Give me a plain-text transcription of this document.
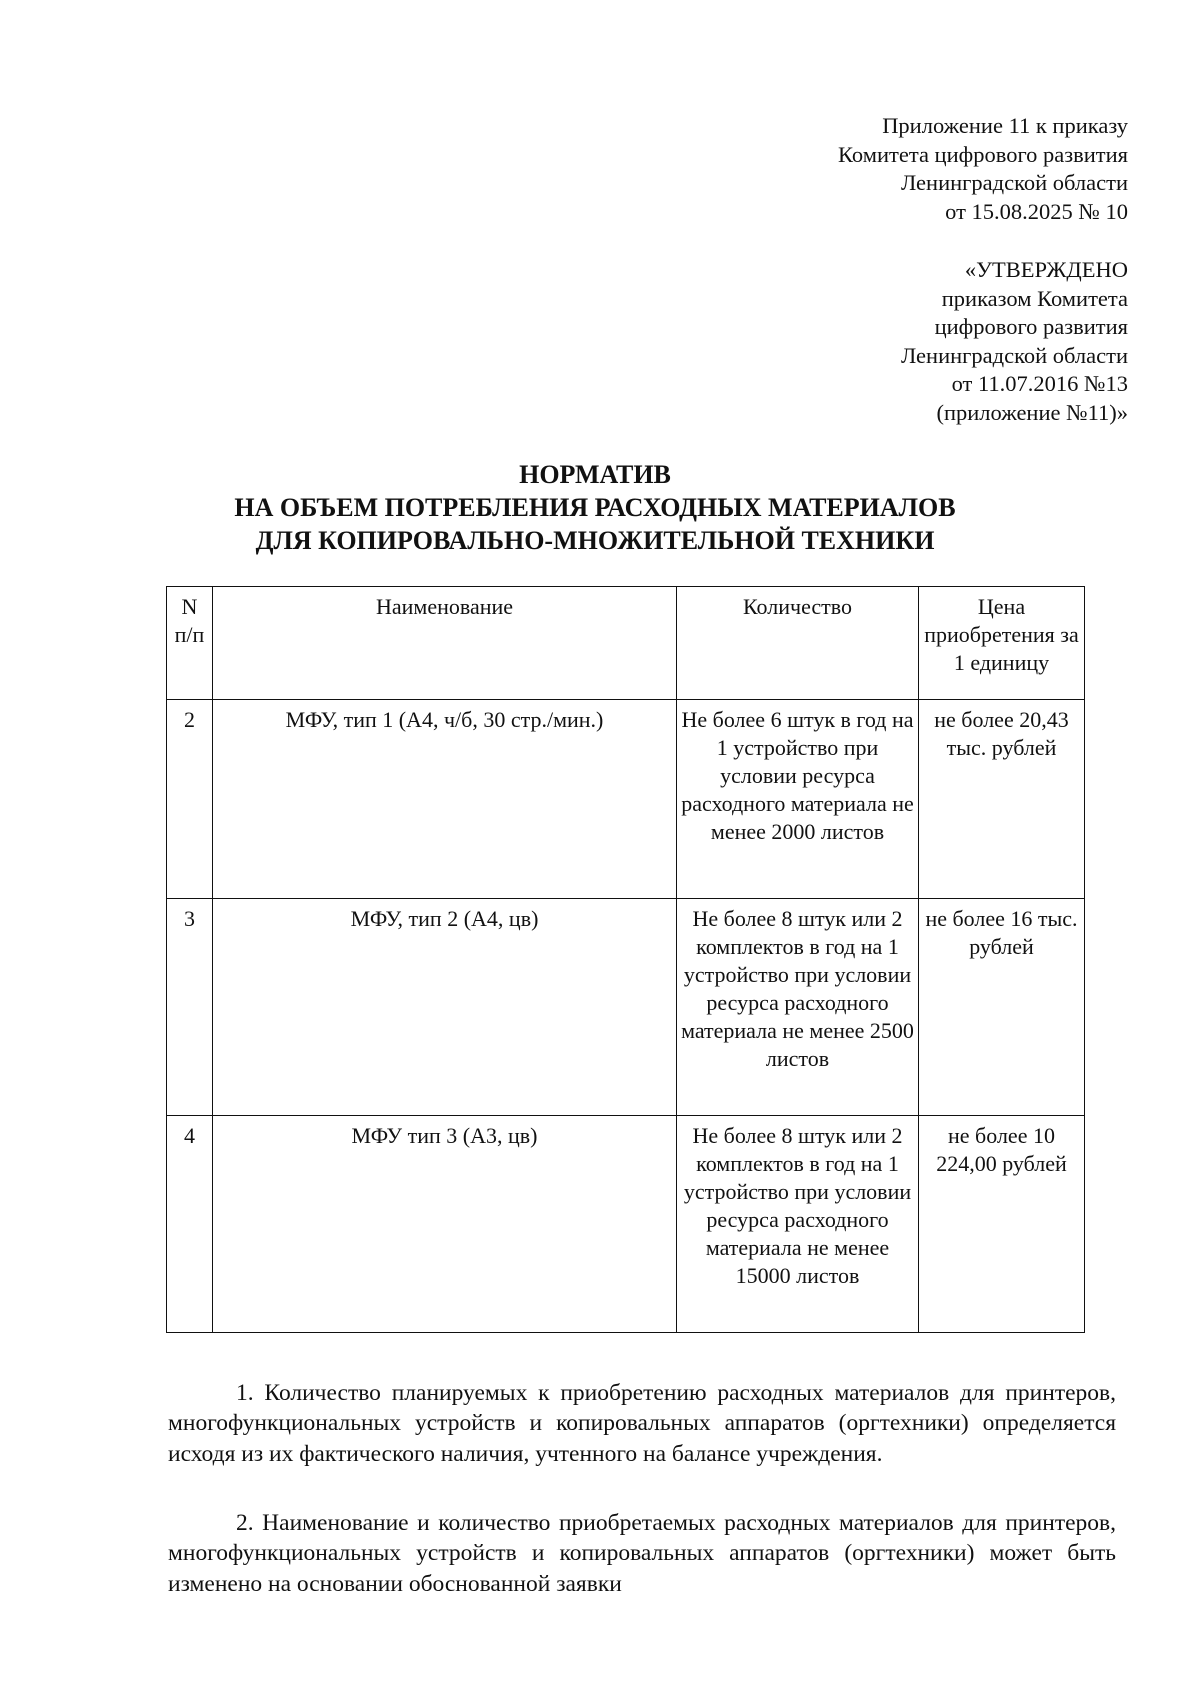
Приложение 11 к приказу
Комитета цифрового развития
Ленинградской области
от 15.08.2025 № 10
«УТВЕРЖДЕНО
приказом Комитета
цифрового развития
Ленинградской области
от 11.07.2016 №13
(приложение №11)»
НОРМАТИВ
НА ОБЪЕМ ПОТРЕБЛЕНИЯ РАСХОДНЫХ МАТЕРИАЛОВ
ДЛЯ КОПИРОВАЛЬНО-МНОЖИТЕЛЬНОЙ ТЕХНИКИ
N п/п	Наименование	Количество	Цена приобретения за 1 единицу
2	МФУ, тип 1 (А4, ч/б, 30 стр./мин.)	Не более 6 штук в год на 1 устройство при условии ресурса расходного материала не менее 2000 листов	не более 20,43 тыс. рублей
3	МФУ, тип 2 (А4, цв)	Не более 8 штук или 2 комплектов в год на 1 устройство при условии ресурса расходного материала не менее 2500 листов	не более 16 тыс. рублей
4	МФУ тип 3 (А3, цв)	Не более 8 штук или 2 комплектов в год на 1 устройство при условии ресурса расходного материала не менее 15000 листов	не более 10 224,00 рублей

1. Количество планируемых к приобретению расходных материалов для принтеров, многофункциональных устройств и копировальных аппаратов (оргтехники) определяется исходя из их фактического наличия, учтенного на балансе учреждения.

2. Наименование и количество приобретаемых расходных материалов для принтеров, многофункциональных устройств и копировальных аппаратов (оргтехники) может быть изменено на основании обоснованной заявки
